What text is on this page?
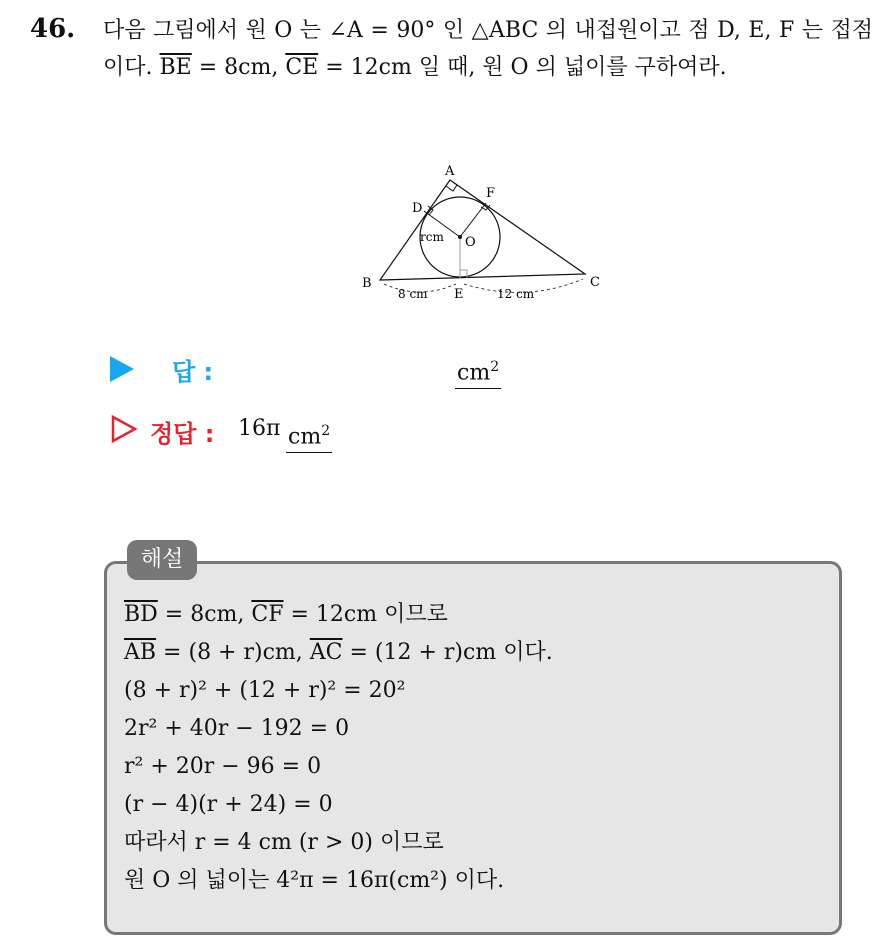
46. 다음 그림에서 원 O 는 ∠A = 90° 인 △ABC 의 내접원이고 점 D, E, F 는 접점이다. $\overline{BE} = 8cm$, $\overline{CE} = 12cm$ 일 때, 원 O 의 넓이를 구하여라.
A
B	C
D
E
F
O
rcm
8 cm	12 cm
답 :	$cm^2$
정답 : 16π $cm^2$
해설
$\overline{BD} = 8cm$, $\overline{CF} = 12cm$ 이므로
$\overline{AB} = (8 + r)cm$, $\overline{AC} = (12 + r)cm$ 이다.
(8 + r)² + (12 + r)² = 20²
2r² + 40r − 192 = 0
r² + 20r − 96 = 0
(r − 4)(r + 24) = 0
따라서 r = 4 cm (r > 0) 이므로
원 O 의 넓이는 4²π = 16π(cm²) 이다.
